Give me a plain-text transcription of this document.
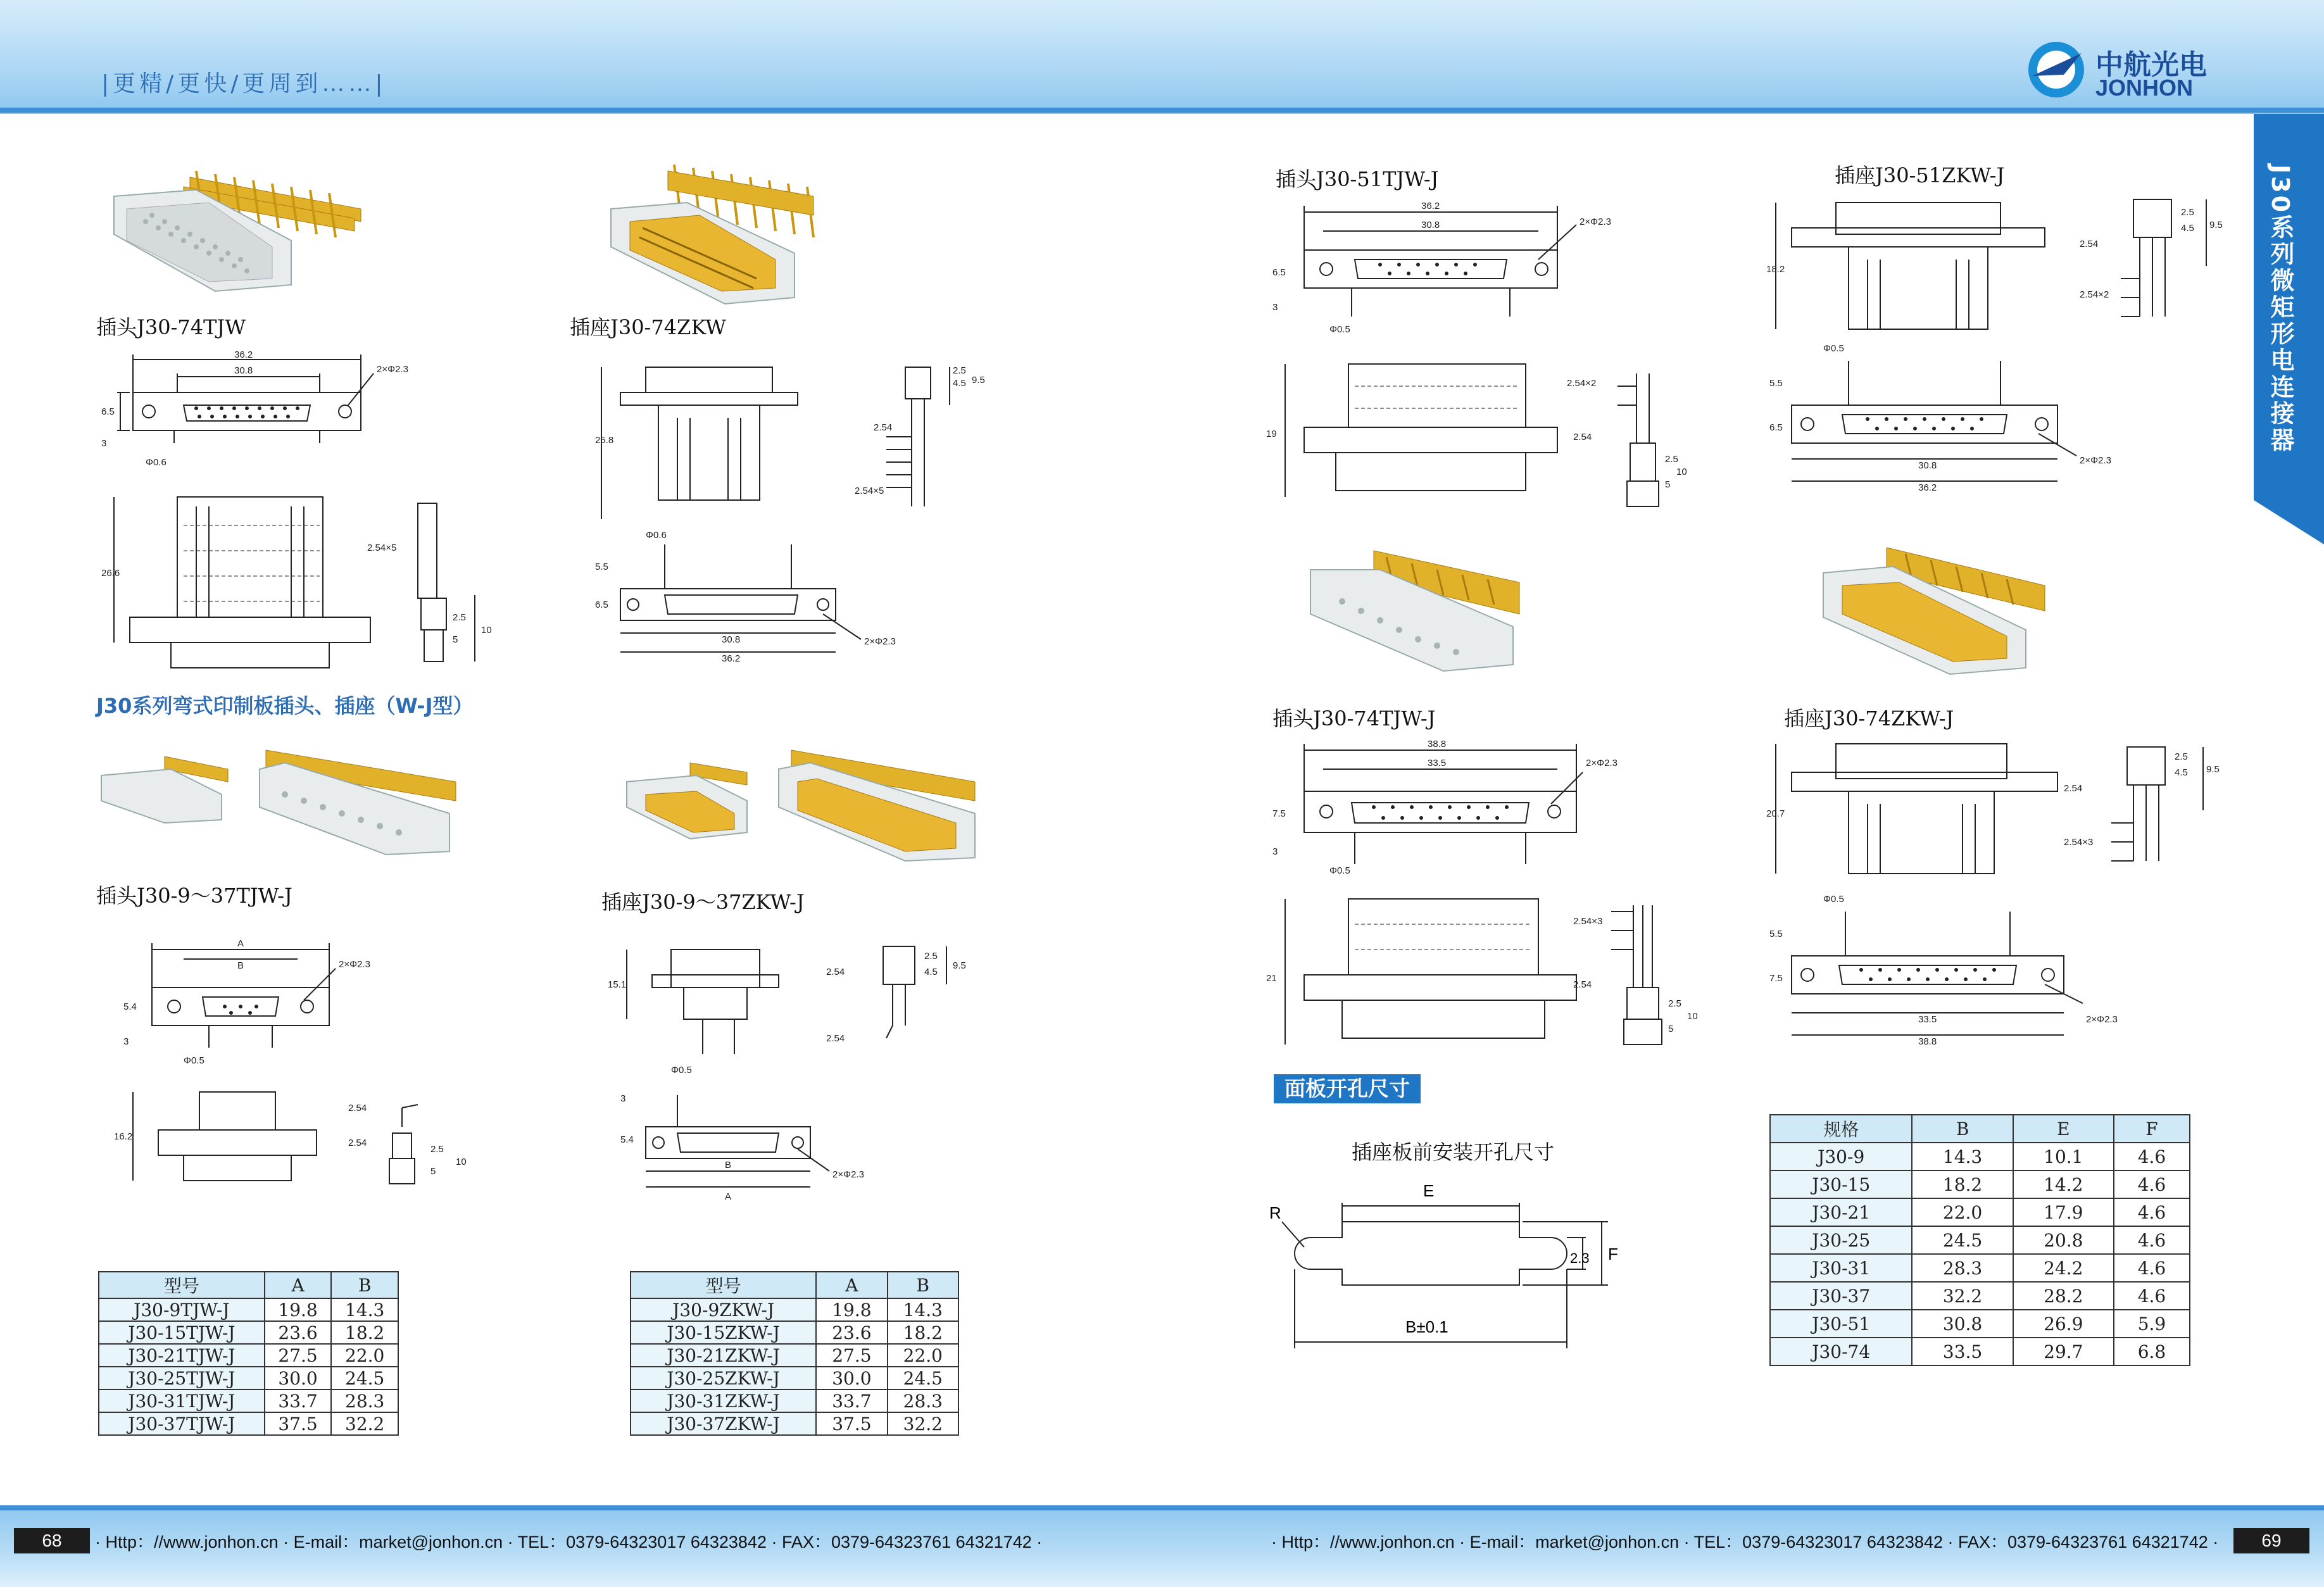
|更精/更快/更周到……|
中航光电
JONHON
J30系列微矩形电连接器
插头J30-74TJW	插座J30-74ZKW
36.2
30.8	2×Φ2.3
6.5
3
Φ0.6
26.6
2.54×5
2.5
5
10
25.8
2.54
2.54×5
2.5
4.5 9.5
Φ0.6
5.5
6.5
30.8
36.2
2×Φ2.3
J30系列弯式印制板插头、插座（W-J型）
插头J30-9～37TJW-J	插座J30-9～37ZKW-J
A
B	2×Φ2.3
5.4
3
Φ0.5
16.2
2.54
2.54
2.5
5
10
15.1
2.54
2.54
2.5
4.5
9.5
Φ0.5
3
5.4
B
A
2×Φ2.3
型号	A	B
J30-9TJW-J	19.8	14.3
J30-15TJW-J	23.6	18.2
J30-21TJW-J	27.5	22.0
J30-25TJW-J	30.0	24.5
J30-31TJW-J	33.7	28.3
J30-37TJW-J	37.5	32.2
型号	A	B
J30-9ZKW-J	19.8	14.3
J30-15ZKW-J	23.6	18.2
J30-21ZKW-J	27.5	22.0
J30-25ZKW-J	30.0	24.5
J30-31ZKW-J	33.7	28.3
J30-37ZKW-J	37.5	32.2
插头J30-51TJW-J	插座J30-51ZKW-J
36.2
30.8	2×Φ2.3
6.5
3
Φ0.5
19
2.54×2
2.54
2.5
5
10
18.2
2.54
2.54×2
2.5
4.5 9.5
Φ0.5
5.5
6.5
30.8
36.2
2×Φ2.3
插头J30-74TJW-J	插座J30-74ZKW-J
38.8
33.5	2×Φ2.3
7.5
3
Φ0.5
21
2.54×3
2.54
2.5
5
10
20.7
2.54
2.54×3
2.5
4.5 9.5
Φ0.5
5.5
7.5
33.5
38.8
2×Φ2.3
面板开孔尺寸
插座板前安装开孔尺寸
R
E
F
2.3
B±0.1
规格	B	E	F
J30-9	14.3	10.1	4.6
J30-15	18.2	14.2	4.6
J30-21	22.0	17.9	4.6
J30-25	24.5	20.8	4.6
J30-31	28.3	24.2	4.6
J30-37	32.2	28.2	4.6
J30-51	30.8	26.9	5.9
J30-74	33.5	29.7	6.8
68	· Http：//www.jonhon.cn · E-mail：market@jonhon.cn · TEL：0379-64323017 64323842 · FAX：0379-64323761 64321742 ·	· Http：//www.jonhon.cn · E-mail：market@jonhon.cn · TEL：0379-64323017 64323842 · FAX：0379-64323761 64321742 ·	69
